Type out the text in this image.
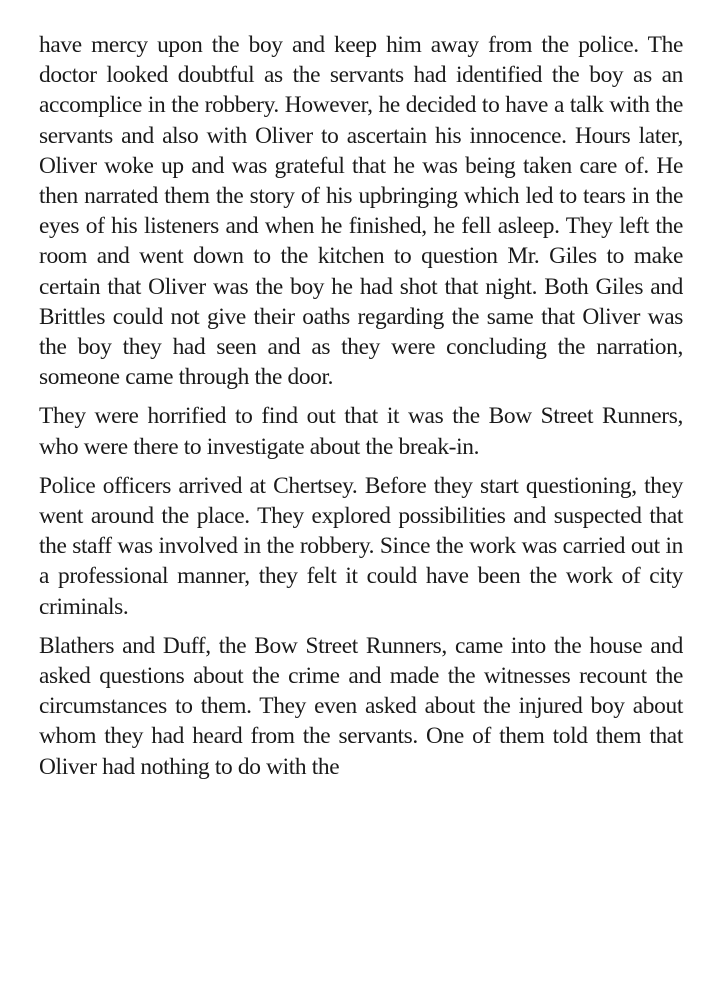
have mercy upon the boy and keep him away from the police. The doctor looked doubtful as the servants had identified the boy as an accomplice in the robbery. However, he decided to have a talk with the servants and also with Oliver to ascertain his innocence. Hours later, Oliver woke up and was grateful that he was being taken care of. He then narrated them the story of his upbringing which led to tears in the eyes of his listeners and when he finished, he fell asleep. They left the room and went down to the kitchen to question Mr. Giles to make certain that Oliver was the boy he had shot that night. Both Giles and Brittles could not give their oaths regarding the same that Oliver was the boy they had seen and as they were concluding the narration, someone came through the door.

They were horrified to find out that it was the Bow Street Runners, who were there to investigate about the break-in.

Police officers arrived at Chertsey. Before they start questioning, they went around the place. They explored possibilities and suspected that the staff was involved in the robbery. Since the work was carried out in a professional manner, they felt it could have been the work of city criminals.

Blathers and Duff, the Bow Street Runners, came into the house and asked questions about the crime and made the witnesses recount the circumstances to them. They even asked about the injured boy about whom they had heard from the servants. One of them told them that Oliver had nothing to do with the
